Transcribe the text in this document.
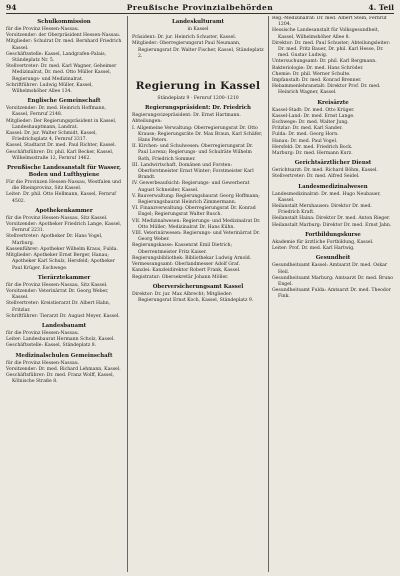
94	Preußische Provinzialbehörden	4. Teil
Schulkommission
für die Provinz Hessen-Nassau.
Vorsitzender: der Oberpräsident Hessen-Nassau.
Mitglieder: Schulrat Dr. med. Bernhard Friedrich Kassel.
Geschäftsstelle: Kassel, Landgrafen-Palais, Ständeplatz Nr. 5.
Stellvertreter: Dr. med. Karl Wagner, Geheimer Medizinalrat, Dr. med. Otto Müller Kassel, Regierungs- und Medizinalrat.
Schriftführer: Ludwig Müller, Kassel, Wilhelmshöher Allee 134.
Englische Gemeinschaft
Vorsitzender: Dr. med. Heinrich Hoffmann, Kassel, Fernruf 2148.
Mitglieder: Der Regierungspräsident in Kassel, Landeshauptmann, Landrat.
Kassel: Dr. jur. Walter Schmidt, Kassel, Friedrichsplatz 4, Fernruf 3317.
Kassel, Stadtarzt Dr. med. Paul Richter, Kassel.
Geschäftsführer: Dr. phil. Karl Becker, Kassel, Wilhelmsstraße 12, Fernruf 1462.
Preußische Landesanstalt für Wasser, Boden und Lufthygiene
Für die Provinzen Hessen-Nassau, Westfalen und die Rheinprovinz, Sitz Kassel.
Leiter: Dr. phil. Otto Hellmann, Kassel, Fernruf 4502.
Apothekenkammer
für die Provinz Hessen-Nassau, Sitz Kassel.
Vorsitzender: Apotheker Friedrich Lange, Kassel, Fernruf 2231.
Stellvertreter: Apotheker Dr. Hans Vogel, Marburg.
Kassenführer: Apotheker Wilhelm Kraus, Fulda.
Mitglieder: Apotheker Ernst Berger, Hanau; Apotheker Karl Schulz, Hersfeld; Apotheker Paul Krüger, Eschwege.
Tierärztekammer
für die Provinz Hessen-Nassau, Sitz Kassel.
Vorsitzender: Veterinärrat Dr. Georg Weber, Kassel.
Stellvertreter: Kreistierarzt Dr. Albert Hahn, Fritzlar.
Schriftführer: Tierarzt Dr. August Meyer, Kassel.
Landesbauamt
für die Provinz Hessen-Nassau.
Leiter: Landesbaurat Hermann Scholz, Kassel.
Geschäftsstelle: Kassel, Ständeplatz 8.
Medizinalschulen Gemeinschaft
für die Provinz Hessen-Nassau.
Vorsitzender: Dr. med. Richard Lehmann, Kassel.
Geschäftsführer: Dr. med. Franz Wolff, Kassel, Kölnische Straße 8.
Landeskulturamt
in Kassel
Präsident: Dr. jur. Heinrich Schuster, Kassel.
Mitglieder: Oberregierungsrat Paul Neumann, Regierungsrat Dr. Walter Fischer, Kassel, Ständeplatz 2.
Regierung in Kassel
Ständeplatz 9 · Fernruf 1200–1210
Regierungspräsident: Dr. Friedrich
Regierungsvizepräsident: Dr. Ernst Hartmann.
Abteilungen:
I. Allgemeine Verwaltung: Oberregierungsrat Dr. Otto Krause; Regierungsräte Dr. Max Braun, Karl Schäfer, Hans Peters.
II. Kirchen- und Schulwesen: Oberregierungsrat Dr. Paul Lorenz; Regierungs- und Schulräte Wilhelm Roth, Friedrich Sommer.
III. Landwirtschaft, Domänen und Forsten: Oberforstmeister Ernst Winter; Forstmeister Karl Brandt.
IV. Gewerbeaufsicht: Regierungs- und Gewerberat August Schneider, Kassel.
V. Bauverwaltung: Regierungsbaurat Georg Hoffmann; Regierungsbaurat Heinrich Zimmermann.
VI. Finanzverwaltung: Oberregierungsrat Dr. Konrad Engel; Regierungsrat Walter Busch.
VII. Medizinalwesen: Regierungs- und Medizinalrat Dr. Otto Müller; Medizinalrat Dr. Hans Kühn.
VIII. Veterinärwesen: Regierungs- und Veterinärrat Dr. Georg Weber.
Regierungskasse: Kassenrat Emil Dietrich; Oberrentmeister Fritz Kaiser.
Regierungsbibliothek: Bibliothekar Ludwig Arnold.
Vermessungsamt: Oberlandmesser Adolf Graf.
Kanzlei: Kanzleidirektor Robert Frank, Kassel.
Registratur: Obersekretär Johann Möller.
Oberversicherungsamt Kassel
Direktor: Dr. jur. Max Albrecht; Mitglieder: Regierungsrat Ernst Koch, Kassel, Ständeplatz 9.
Reg.-Medizinalrat: Dr. med. Albert Stein, Fernruf 1204.
Hessische Landesanstalt für Volksgesundheit, Kassel, Wilhelmshöher Allee 8.
Direktor: Dr. med. Paul Schuster; Abteilungsleiter: Dr. med. Fritz Bauer, Dr. phil. Karl Hesse, Dr. med. Gustav Ludwig.
Untersuchungsamt: Dr. phil. Karl Bergmann.
Bakteriologie: Dr. med. Hans Schröder.
Chemie: Dr. phil. Werner Schulte.
Impfanstalt: Dr. med. Konrad Brenner.
Hebammenlehranstalt: Direktor Prof. Dr. med. Heinrich Wagner, Kassel.
Kreisärzte
Kassel-Stadt: Dr. med. Otto Krüger.
Kassel-Land: Dr. med. Ernst Lange.
Eschwege: Dr. med. Walter Jung.
Fritzlar: Dr. med. Karl Sander.
Fulda: Dr. med. Georg Horn.
Hanau: Dr. med. Paul Vogel.
Hersfeld: Dr. med. Friedrich Bock.
Marburg: Dr. med. Hermann Kurz.
Gerichtsärztlicher Dienst
Gerichtsarzt: Dr. med. Richard Böhm, Kassel.
Stellvertreter: Dr. med. Alfred Seidel.
Landesmedizinalwesen
Landesmedizinalrat: Dr. med. Hugo Neubauer, Kassel.
Heilanstalt Merxhausen: Direktor Dr. med. Friedrich Kraft.
Heilanstalt Haina: Direktor Dr. med. Anton Rieger.
Heilanstalt Marburg: Direktor Dr. med. Ernst Jahn.
Fortbildungskurse
Akademie für ärztliche Fortbildung, Kassel.
Leiter: Prof. Dr. med. Karl Hartwig.
Gesundheit
Gesundheitsamt Kassel: Amtsarzt Dr. med. Oskar Heil.
Gesundheitsamt Marburg: Amtsarzt Dr. med. Bruno Engel.
Gesundheitsamt Fulda: Amtsarzt Dr. med. Theodor Fink.
